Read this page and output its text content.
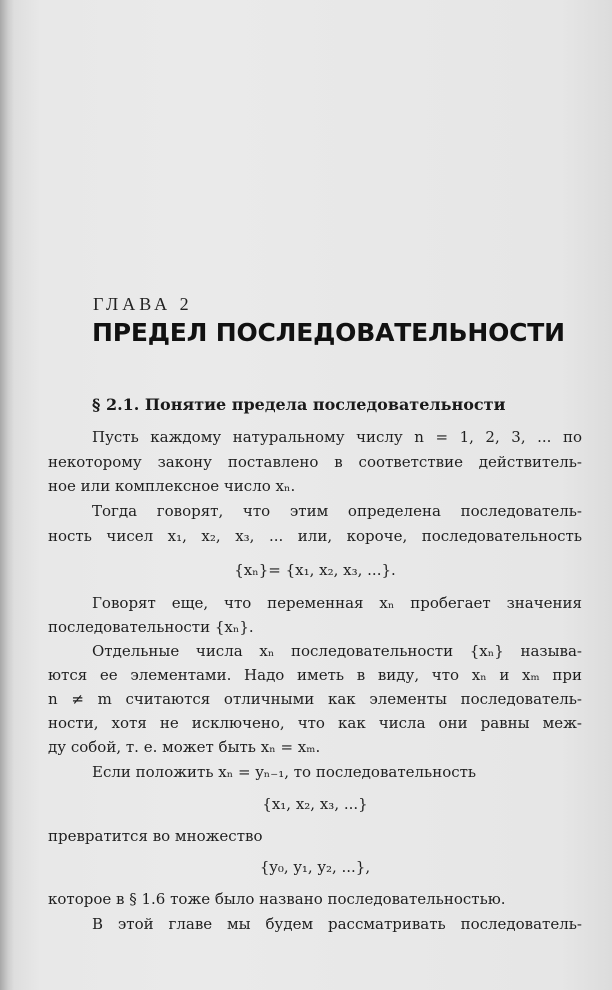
ГЛАВА 2
ПРЕДЕЛ ПОСЛЕДОВАТЕЛЬНОСТИ
§ 2.1. Понятие предела последовательности
Пусть каждому натуральному числу n = 1, 2, 3, ... по
некоторому закону поставлено в соответствие действитель-
ное или комплексное число xₙ.
Тогда говорят, что этим определена последователь-
ность чисел x₁, x₂, x₃, ... или, короче, последовательность
{xₙ}= {x₁, x₂, x₃, ...}.
Говорят еще, что переменная xₙ пробегает значения
последовательности {xₙ}.
Отдельные числа xₙ последовательности {xₙ} называ-
ются ее элементами. Надо иметь в виду, что xₙ и xₘ при
n ≠ m считаются отличными как элементы последователь-
ности, хотя не исключено, что как числа они равны меж-
ду собой, т. е. может быть xₙ = xₘ.
Если положить xₙ = yₙ₋₁, то последовательность
{x₁, x₂, x₃, ...}
превратится во множество
{y₀, y₁, y₂, ...},
которое в § 1.6 тоже было названо последовательностью.
В этой главе мы будем рассматривать последователь-
